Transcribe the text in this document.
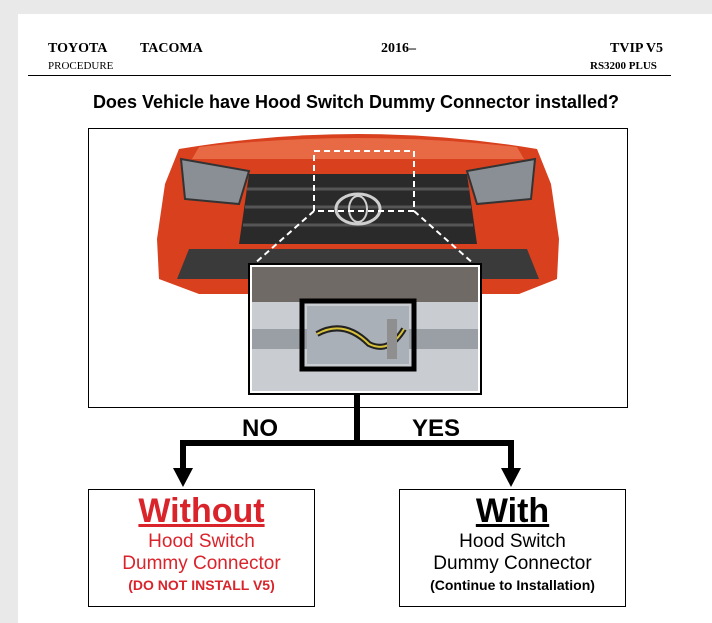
TOYOTA TACOMA
PROCEDURE
2016–	TVIP V5
RS3200 PLUS
Does Vehicle have Hood Switch Dummy Connector installed?
NO	YES
Without
Hood Switch
Dummy Connector
(DO NOT INSTALL V5)
With
Hood Switch
Dummy Connector
(Continue to Installation)
